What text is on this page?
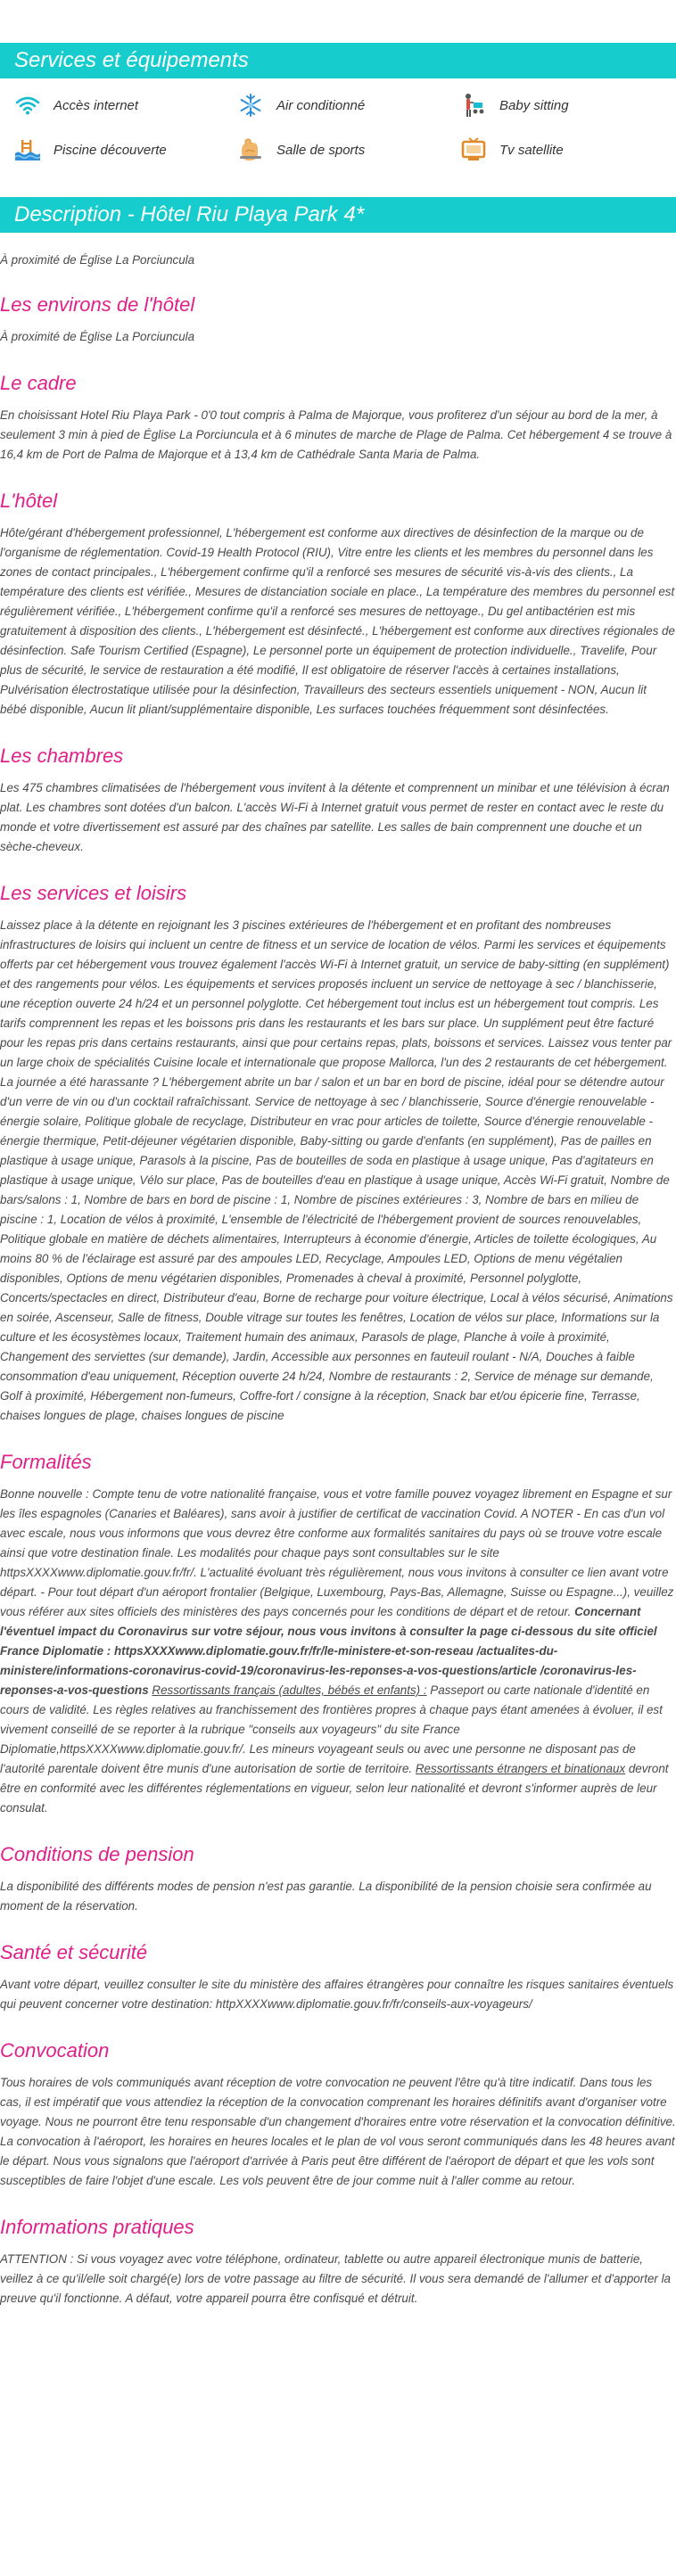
Services et équipements
Accès internet	Air conditionné	Baby sitting
Piscine découverte	Salle de sports	Tv satellite
Description - Hôtel Riu Playa Park 4*

À proximité de Église La Porciuncula

Les environs de l'hôtel

À proximité de Église La Porciuncula

Le cadre

En choisissant Hotel Riu Playa Park - 0'0 tout compris à Palma de Majorque, vous profiterez d'un séjour au bord de la mer, à seulement 3 min à pied de Église La Porciuncula et à 6 minutes de marche de Plage de Palma. Cet hébergement 4 se trouve à 16,4 km de Port de Palma de Majorque et à 13,4 km de Cathédrale Santa Maria de Palma.

L'hôtel

Hôte/gérant d'hébergement professionnel, L'hébergement est conforme aux directives de désinfection de la marque ou de l'organisme de réglementation. Covid-19 Health Protocol (RIU), Vitre entre les clients et les membres du personnel dans les zones de contact principales., L'hébergement confirme qu'il a renforcé ses mesures de sécurité vis-à-vis des clients., La température des clients est vérifiée., Mesures de distanciation sociale en place., La température des membres du personnel est régulièrement vérifiée., L'hébergement confirme qu'il a renforcé ses mesures de nettoyage., Du gel antibactérien est mis gratuitement à disposition des clients., L'hébergement est désinfecté., L'hébergement est conforme aux directives régionales de désinfection. Safe Tourism Certified (Espagne), Le personnel porte un équipement de protection individuelle., Travelife, Pour plus de sécurité, le service de restauration a été modifié, Il est obligatoire de réserver l'accès à certaines installations, Pulvérisation électrostatique utilisée pour la désinfection, Travailleurs des secteurs essentiels uniquement - NON, Aucun lit bébé disponible, Aucun lit pliant/supplémentaire disponible, Les surfaces touchées fréquemment sont désinfectées.

Les chambres

Les 475 chambres climatisées de l'hébergement vous invitent à la détente et comprennent un minibar et une télévision à écran plat. Les chambres sont dotées d'un balcon. L'accès Wi-Fi à Internet gratuit vous permet de rester en contact avec le reste du monde et votre divertissement est assuré par des chaînes par satellite. Les salles de bain comprennent une douche et un sèche-cheveux.

Les services et loisirs

Laissez place à la détente en rejoignant les 3 piscines extérieures de l'hébergement et en profitant des nombreuses infrastructures de loisirs qui incluent un centre de fitness et un service de location de vélos. Parmi les services et équipements offerts par cet hébergement vous trouvez également l'accès Wi-Fi à Internet gratuit, un service de baby-sitting (en supplément) et des rangements pour vélos. Les équipements et services proposés incluent un service de nettoyage à sec / blanchisserie, une réception ouverte 24 h/24 et un personnel polyglotte. Cet hébergement tout inclus est un hébergement tout compris. Les tarifs comprennent les repas et les boissons pris dans les restaurants et les bars sur place. Un supplément peut être facturé pour les repas pris dans certains restaurants, ainsi que pour certains repas, plats, boissons et services. Laissez vous tenter par un large choix de spécialités Cuisine locale et internationale que propose Mallorca, l'un des 2 restaurants de cet hébergement. La journée a été harassante ? L'hébergement abrite un bar / salon et un bar en bord de piscine, idéal pour se détendre autour d'un verre de vin ou d'un cocktail rafraîchissant. Service de nettoyage à sec / blanchisserie, Source d'énergie renouvelable - énergie solaire, Politique globale de recyclage, Distributeur en vrac pour articles de toilette, Source d'énergie renouvelable - énergie thermique, Petit-déjeuner végétarien disponible, Baby-sitting ou garde d'enfants (en supplément), Pas de pailles en plastique à usage unique, Parasols à la piscine, Pas de bouteilles de soda en plastique à usage unique, Pas d'agitateurs en plastique à usage unique, Vélo sur place, Pas de bouteilles d'eau en plastique à usage unique, Accès Wi-Fi gratuit, Nombre de bars/salons : 1, Nombre de bars en bord de piscine : 1, Nombre de piscines extérieures : 3, Nombre de bars en milieu de piscine : 1, Location de vélos à proximité, L'ensemble de l'électricité de l'hébergement provient de sources renouvelables, Politique globale en matière de déchets alimentaires, Interrupteurs à économie d'énergie, Articles de toilette écologiques, Au moins 80 % de l'éclairage est assuré par des ampoules LED, Recyclage, Ampoules LED, Options de menu végétalien disponibles, Options de menu végétarien disponibles, Promenades à cheval à proximité, Personnel polyglotte, Concerts/spectacles en direct, Distributeur d'eau, Borne de recharge pour voiture électrique, Local à vélos sécurisé, Animations en soirée, Ascenseur, Salle de fitness, Double vitrage sur toutes les fenêtres, Location de vélos sur place, Informations sur la culture et les écosystèmes locaux, Traitement humain des animaux, Parasols de plage, Planche à voile à proximité, Changement des serviettes (sur demande), Jardin, Accessible aux personnes en fauteuil roulant - N/A, Douches à faible consommation d'eau uniquement, Réception ouverte 24 h/24, Nombre de restaurants : 2, Service de ménage sur demande, Golf à proximité, Hébergement non-fumeurs, Coffre-fort / consigne à la réception, Snack bar et/ou épicerie fine, Terrasse, chaises longues de plage, chaises longues de piscine

Formalités

Bonne nouvelle : Compte tenu de votre nationalité française, vous et votre famille pouvez voyagez librement en Espagne et sur les îles espagnoles (Canaries et Baléares), sans avoir à justifier de certificat de vaccination Covid. A NOTER - En cas d'un vol avec escale, nous vous informons que vous devrez être conforme aux formalités sanitaires du pays où se trouve votre escale ainsi que votre destination finale. Les modalités pour chaque pays sont consultables sur le site httpsXXXXwww.diplomatie.gouv.fr/fr/. L'actualité évoluant très régulièrement, nous vous invitons à consulter ce lien avant votre départ. - Pour tout départ d'un aéroport frontalier (Belgique, Luxembourg, Pays-Bas, Allemagne, Suisse ou Espagne...), veuillez vous référer aux sites officiels des ministères des pays concernés pour les conditions de départ et de retour. Concernant l'éventuel impact du Coronavirus sur votre séjour, nous vous invitons à consulter la page ci-dessous du site officiel France Diplomatie : httpsXXXXwww.diplomatie.gouv.fr/fr/le-ministere-et-son-reseau /actualites-du-ministere/informations-coronavirus-covid-19/coronavirus-les-reponses-a-vos-questions/article /coronavirus-les-reponses-a-vos-questions Ressortissants français (adultes, bébés et enfants) : Passeport ou carte nationale d'identité en cours de validité. Les règles relatives au franchissement des frontières propres à chaque pays étant amenées à évoluer, il est vivement conseillé de se reporter à la rubrique "conseils aux voyageurs" du site France Diplomatie,httpsXXXXwww.diplomatie.gouv.fr/. Les mineurs voyageant seuls ou avec une personne ne disposant pas de l'autorité parentale doivent être munis d'une autorisation de sortie de territoire. Ressortissants étrangers et binationaux devront être en conformité avec les différentes réglementations en vigueur, selon leur nationalité et devront s'informer auprès de leur consulat.

Conditions de pension

La disponibilité des différents modes de pension n'est pas garantie. La disponibilité de la pension choisie sera confirmée au moment de la réservation.

Santé et sécurité

Avant votre départ, veuillez consulter le site du ministère des affaires étrangères pour connaître les risques sanitaires éventuels qui peuvent concerner votre destination: httpXXXXwww.diplomatie.gouv.fr/fr/conseils-aux-voyageurs/

Convocation

Tous horaires de vols communiqués avant réception de votre convocation ne peuvent l'être qu'à titre indicatif. Dans tous les cas, il est impératif que vous attendiez la réception de la convocation comprenant les horaires définitifs avant d'organiser votre voyage. Nous ne pourront être tenu responsable d'un changement d'horaires entre votre réservation et la convocation définitive. La convocation à l'aéroport, les horaires en heures locales et le plan de vol vous seront communiqués dans les 48 heures avant le départ. Nous vous signalons que l'aéroport d'arrivée à Paris peut être différent de l'aéroport de départ et que les vols sont susceptibles de faire l'objet d'une escale. Les vols peuvent être de jour comme nuit à l'aller comme au retour.

Informations pratiques

ATTENTION : Si vous voyagez avec votre téléphone, ordinateur, tablette ou autre appareil électronique munis de batterie, veillez à ce qu'il/elle soit chargé(e) lors de votre passage au filtre de sécurité. Il vous sera demandé de l'allumer et d'apporter la preuve qu'il fonctionne. A défaut, votre appareil pourra être confisqué et détruit.
